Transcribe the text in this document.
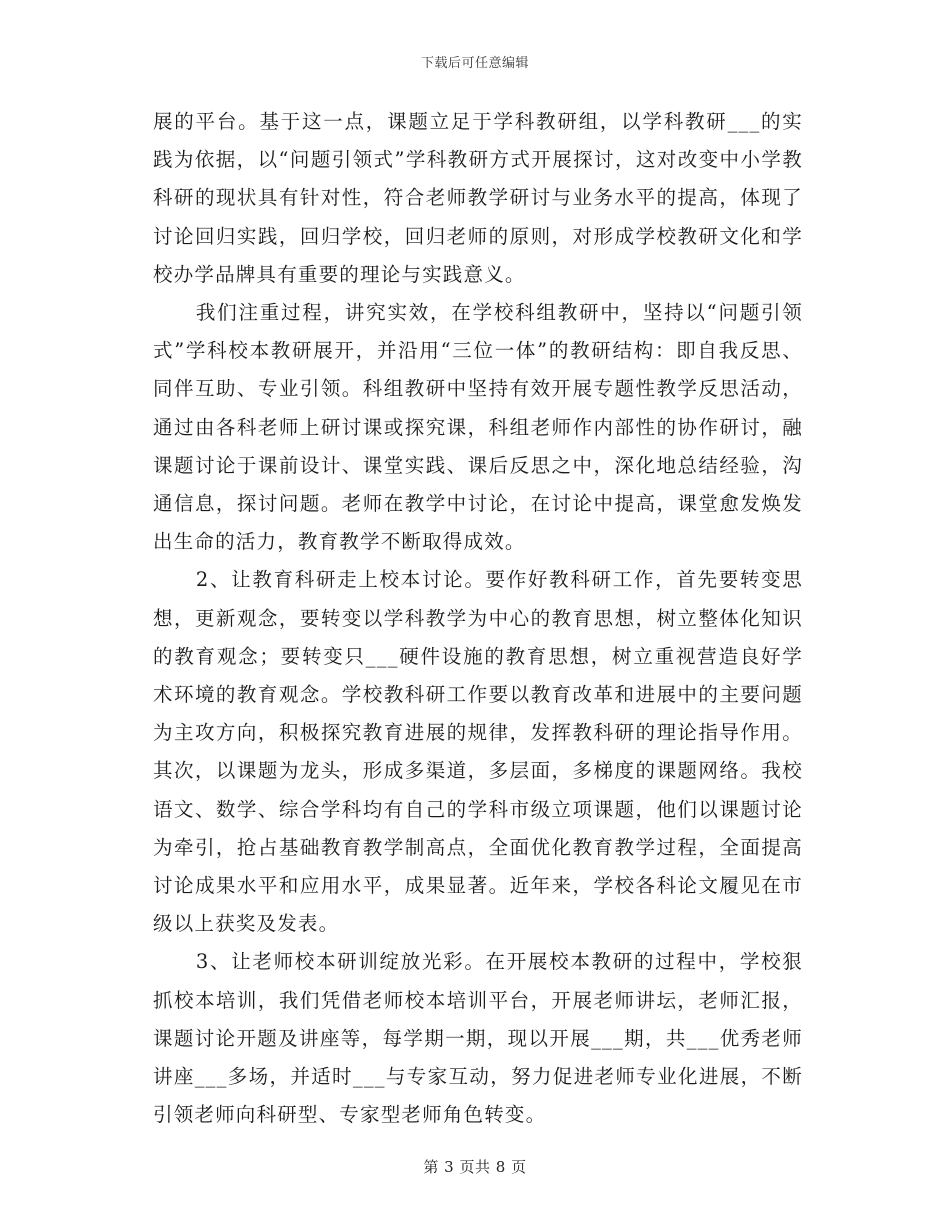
下载后可任意编辑

展的平台。基于这一点，课题立足于学科教研组，以学科教研___的实践为依据，以“问题引领式”学科教研方式开展探讨，这对改变中小学教科研的现状具有针对性，符合老师教学研讨与业务水平的提高，体现了讨论回归实践，回归学校，回归老师的原则，对形成学校教研文化和学校办学品牌具有重要的理论与实践意义。

我们注重过程，讲究实效，在学校科组教研中，坚持以“问题引领式”学科校本教研展开，并沿用“三位一体”的教研结构：即自我反思、同伴互助、专业引领。科组教研中坚持有效开展专题性教学反思活动，通过由各科老师上研讨课或探究课，科组老师作内部性的协作研讨，融课题讨论于课前设计、课堂实践、课后反思之中，深化地总结经验，沟通信息，探讨问题。老师在教学中讨论，在讨论中提高，课堂愈发焕发出生命的活力，教育教学不断取得成效。

2、让教育科研走上校本讨论。要作好教科研工作，首先要转变思想，更新观念，要转变以学科教学为中心的教育思想，树立整体化知识的教育观念；要转变只___硬件设施的教育思想，树立重视营造良好学术环境的教育观念。学校教科研工作要以教育改革和进展中的主要问题为主攻方向，积极探究教育进展的规律，发挥教科研的理论指导作用。其次，以课题为龙头，形成多渠道，多层面，多梯度的课题网络。我校语文、数学、综合学科均有自己的学科市级立项课题，他们以课题讨论为牵引，抢占基础教育教学制高点，全面优化教育教学过程，全面提高讨论成果水平和应用水平，成果显著。近年来，学校各科论文履见在市级以上获奖及发表。

3、让老师校本研训绽放光彩。在开展校本教研的过程中，学校狠抓校本培训，我们凭借老师校本培训平台，开展老师讲坛，老师汇报，课题讨论开题及讲座等，每学期一期，现以开展___期，共___优秀老师讲座___多场，并适时___与专家互动，努力促进老师专业化进展，不断引领老师向科研型、专家型老师角色转变。

第 3 页共 8 页
